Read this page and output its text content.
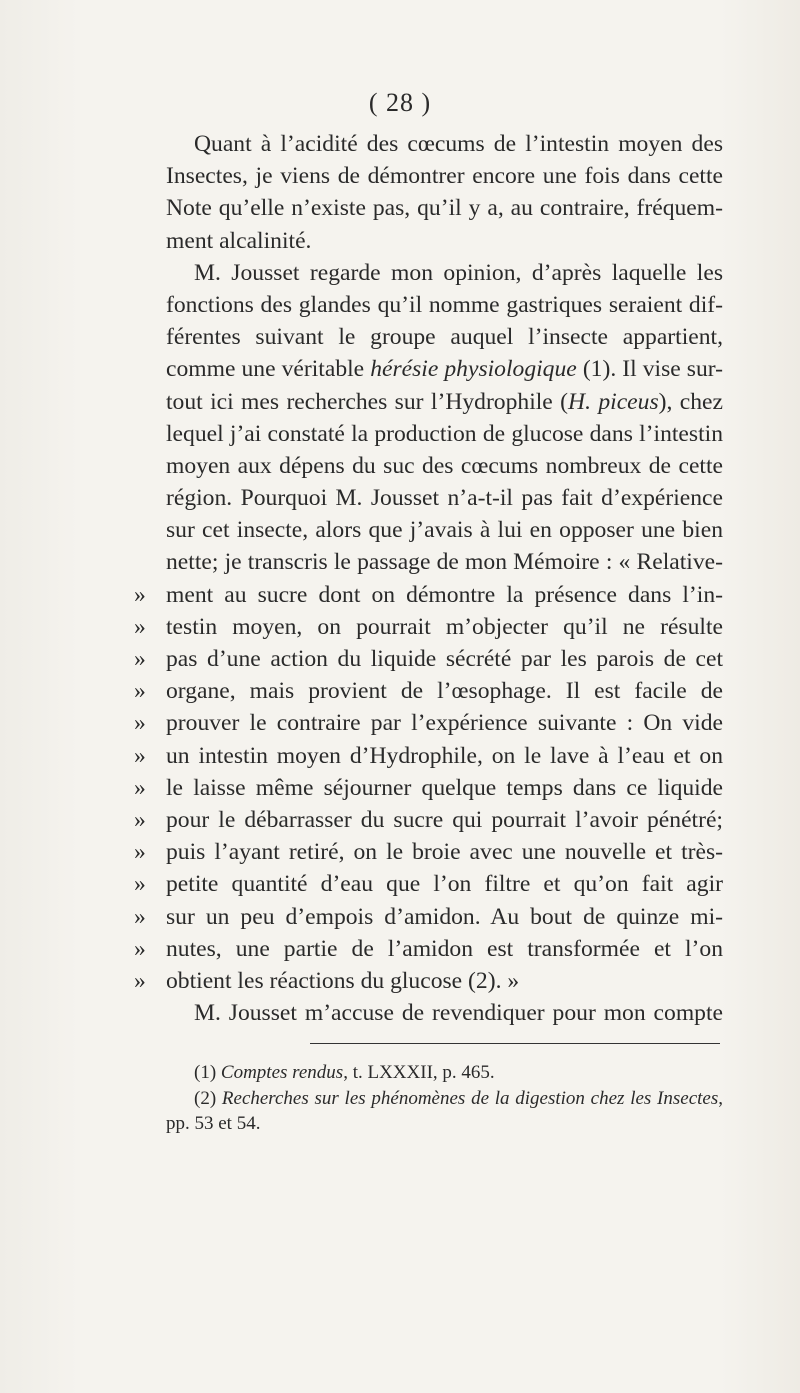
( 28 )
Quant à l’acidité des cœcums de l’intestin moyen des
Insectes, je viens de démontrer encore une fois dans cette
Note qu’elle n’existe pas, qu’il y a, au contraire, fréquem-
ment alcalinité.
M. Jousset regarde mon opinion, d’après laquelle les
fonctions des glandes qu’il nomme gastriques seraient dif-
férentes suivant le groupe auquel l’insecte appartient,
comme une véritable hérésie physiologique (1). Il vise sur-
tout ici mes recherches sur l’Hydrophile (H. piceus), chez
lequel j’ai constaté la production de glucose dans l’intestin
moyen aux dépens du suc des cœcums nombreux de cette
région. Pourquoi M. Jousset n’a-t-il pas fait d’expérience
sur cet insecte, alors que j’avais à lui en opposer une bien
nette; je transcris le passage de mon Mémoire : « Relative-
ment au sucre dont on démontre la présence dans l’in-
»
testin moyen, on pourrait m’objecter qu’il ne résulte
»
pas d’une action du liquide sécrété par les parois de cet
»
organe, mais provient de l’œsophage. Il est facile de
»
prouver le contraire par l’expérience suivante : On vide
»
un intestin moyen d’Hydrophile, on le lave à l’eau et on
»
le laisse même séjourner quelque temps dans ce liquide
»
pour le débarrasser du sucre qui pourrait l’avoir pénétré;
»
puis l’ayant retiré, on le broie avec une nouvelle et très-
»
petite quantité d’eau que l’on filtre et qu’on fait agir
»
sur un peu d’empois d’amidon. Au bout de quinze mi-
»
nutes, une partie de l’amidon est transformée et l’on
»
obtient les réactions du glucose (2). »
»
M. Jousset m’accuse de revendiquer pour mon compte
(1) Comptes rendus, t. LXXXII, p. 465.
(2) Recherches sur les phénomènes de la digestion chez les Insectes,
pp. 53 et 54.
